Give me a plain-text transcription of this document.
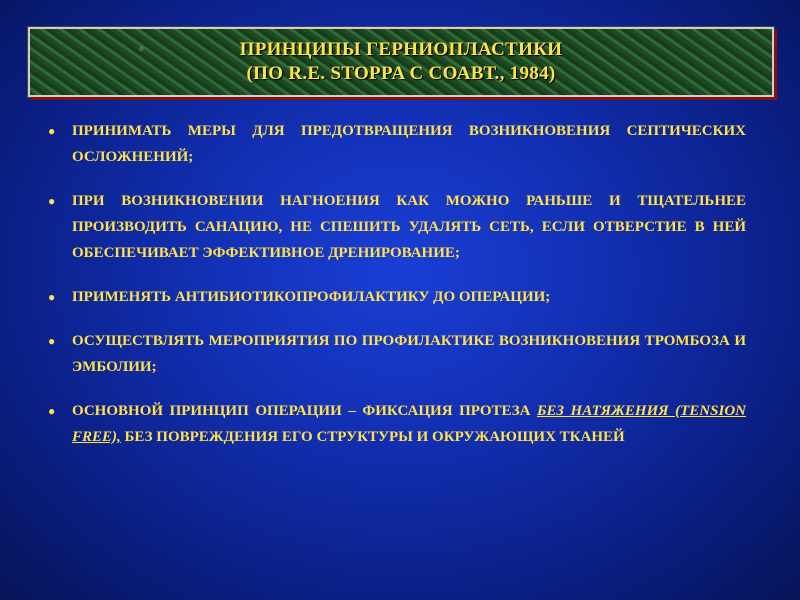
ПРИНЦИПЫ ГЕРНИОПЛАСТИКИ
(ПО R.E. STOPPA С СОАВТ., 1984)
● ПРИНИМАТЬ МЕРЫ ДЛЯ ПРЕДОТВРАЩЕНИЯ ВОЗНИКНОВЕНИЯ СЕПТИЧЕСКИХ ОСЛОЖНЕНИЙ;
● ПРИ ВОЗНИКНОВЕНИИ НАГНОЕНИЯ КАК МОЖНО РАНЬШЕ И ТЩАТЕЛЬНЕЕ ПРОИЗВОДИТЬ САНАЦИЮ, НЕ СПЕШИТЬ УДАЛЯТЬ СЕТЬ, ЕСЛИ ОТВЕРСТИЕ В НЕЙ ОБЕСПЕЧИВАЕТ ЭФФЕКТИВНОЕ ДРЕНИРОВАНИЕ;
● ПРИМЕНЯТЬ АНТИБИОТИКОПРОФИЛАКТИКУ ДО ОПЕРАЦИИ;
● ОСУЩЕСТВЛЯТЬ МЕРОПРИЯТИЯ ПО ПРОФИЛАКТИКЕ ВОЗНИКНОВЕНИЯ ТРОМБОЗА И ЭМБОЛИИ;
● ОСНОВНОЙ ПРИНЦИП ОПЕРАЦИИ – ФИКСАЦИЯ ПРОТЕЗА БЕЗ НАТЯЖЕНИЯ (TENSION FREE), БЕЗ ПОВРЕЖДЕНИЯ ЕГО СТРУКТУРЫ И ОКРУЖАЮЩИХ ТКАНЕЙ
